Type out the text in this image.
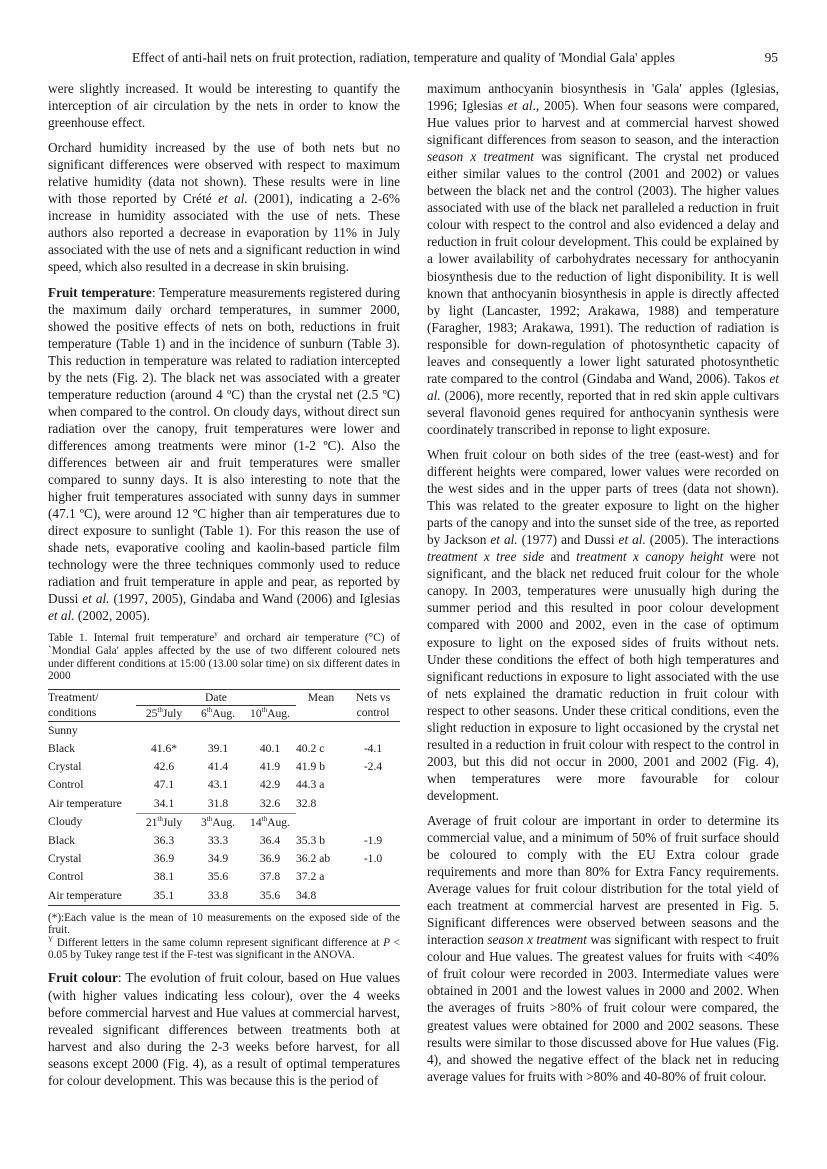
Effect of anti-hail nets on fruit protection, radiation, temperature and quality of 'Mondial Gala' apples	95

were slightly increased. It would be interesting to quantify the interception of air circulation by the nets in order to know the greenhouse effect.

Orchard humidity increased by the use of both nets but no significant differences were observed with respect to maximum relative humidity (data not shown). These results were in line with those reported by Crété et al. (2001), indicating a 2-6% increase in humidity associated with the use of nets. These authors also reported a decrease in evaporation by 11% in July associated with the use of nets and a significant reduction in wind speed, which also resulted in a decrease in skin bruising.

Fruit temperature: Temperature measurements registered during the maximum daily orchard temperatures, in summer 2000, showed the positive effects of nets on both, reductions in fruit temperature (Table 1) and in the incidence of sunburn (Table 3). This reduction in temperature was related to radiation intercepted by the nets (Fig. 2). The black net was associated with a greater temperature reduction (around 4 ºC) than the crystal net (2.5 ºC) when compared to the control. On cloudy days, without direct sun radiation over the canopy, fruit temperatures were lower and differences among treatments were minor (1-2 ºC). Also the differences between air and fruit temperatures were smaller compared to sunny days. It is also interesting to note that the higher fruit temperatures associated with sunny days in summer (47.1 ºC), were around 12 ºC higher than air temperatures due to direct exposure to sunlight (Table 1). For this reason the use of shade nets, evaporative cooling and kaolin-based particle film technology were the three techniques commonly used to reduce radiation and fruit temperature in apple and pear, as reported by Dussi et al. (1997, 2005), Gindaba and Wand (2006) and Iglesias et al. (2002, 2005).

Table 1. Internal fruit temperature$^y$ and orchard air temperature (°C) of `Mondial Gala' apples affected by the use of two different coloured nets under different conditions at 15:00 (13.00 solar time) on six different dates in 2000
Treatment/	Date			Mean	Nets vs
conditions	25thJuly	6thAug.	10thAug.		control
Sunny					
Black	41.6*	39.1	40.1	40.2 c	-4.1
Crystal	42.6	41.4	41.9	41.9 b	-2.4
Control	47.1	43.1	42.9	44.3 a	
Air temperature	34.1	31.8	32.6	32.8	
Cloudy	21thJuly	3thAug.	14thAug.		
Black	36.3	33.3	36.4	35.3 b	-1.9
Crystal	36.9	34.9	36.9	36.2 ab	-1.0
Control	38.1	35.6	37.8	37.2 a	
Air temperature	35.1	33.8	35.6	34.8	
(*):Each value is the mean of 10 measurements on the exposed side of the fruit.
$^Y$ Different letters in the same column represent significant difference at P < 0.05 by Tukey range test if the F-test was significant in the ANOVA.

Fruit colour: The evolution of fruit colour, based on Hue values (with higher values indicating less colour), over the 4 weeks before commercial harvest and Hue values at commercial harvest, revealed significant differences between treatments both at harvest and also during the 2-3 weeks before harvest, for all seasons except 2000 (Fig. 4), as a result of optimal temperatures for colour development. This was because this is the period of

maximum anthocyanin biosynthesis in 'Gala' apples (Iglesias, 1996; Iglesias et al., 2005). When four seasons were compared, Hue values prior to harvest and at commercial harvest showed significant differences from season to season, and the interaction season x treatment was significant. The crystal net produced either similar values to the control (2001 and 2002) or values between the black net and the control (2003). The higher values associated with use of the black net paralleled a reduction in fruit colour with respect to the control and also evidenced a delay and reduction in fruit colour development. This could be explained by a lower availability of carbohydrates necessary for anthocyanin biosynthesis due to the reduction of light disponibility. It is well known that anthocyanin biosynthesis in apple is directly affected by light (Lancaster, 1992; Arakawa, 1988) and temperature (Faragher, 1983; Arakawa, 1991). The reduction of radiation is responsible for down-regulation of photosynthetic capacity of leaves and consequently a lower light saturated photosynthetic rate compared to the control (Gindaba and Wand, 2006). Takos et al. (2006), more recently, reported that in red skin apple cultivars several flavonoid genes required for anthocyanin synthesis were coordinately transcribed in reponse to light exposure.

When fruit colour on both sides of the tree (east-west) and for different heights were compared, lower values were recorded on the west sides and in the upper parts of trees (data not shown). This was related to the greater exposure to light on the higher parts of the canopy and into the sunset side of the tree, as reported by Jackson et al. (1977) and Dussi et al. (2005). The interactions treatment x tree side and treatment x canopy height were not significant, and the black net reduced fruit colour for the whole canopy. In 2003, temperatures were unusually high during the summer period and this resulted in poor colour development compared with 2000 and 2002, even in the case of optimum exposure to light on the exposed sides of fruits without nets. Under these conditions the effect of both high temperatures and significant reductions in exposure to light associated with the use of nets explained the dramatic reduction in fruit colour with respect to other seasons. Under these critical conditions, even the slight reduction in exposure to light occasioned by the crystal net resulted in a reduction in fruit colour with respect to the control in 2003, but this did not occur in 2000, 2001 and 2002 (Fig. 4), when temperatures were more favourable for colour development.

Average of fruit colour are important in order to determine its commercial value, and a minimum of 50% of fruit surface should be coloured to comply with the EU Extra colour grade requirements and more than 80% for Extra Fancy requirements. Average values for fruit colour distribution for the total yield of each treatment at commercial harvest are presented in Fig. 5. Significant differences were observed between seasons and the interaction season x treatment was significant with respect to fruit colour and Hue values. The greatest values for fruits with <40% of fruit colour were recorded in 2003. Intermediate values were obtained in 2001 and the lowest values in 2000 and 2002. When the averages of fruits >80% of fruit colour were compared, the greatest values were obtained for 2000 and 2002 seasons. These results were similar to those discussed above for Hue values (Fig. 4), and showed the negative effect of the black net in reducing average values for fruits with >80% and 40-80% of fruit colour.
